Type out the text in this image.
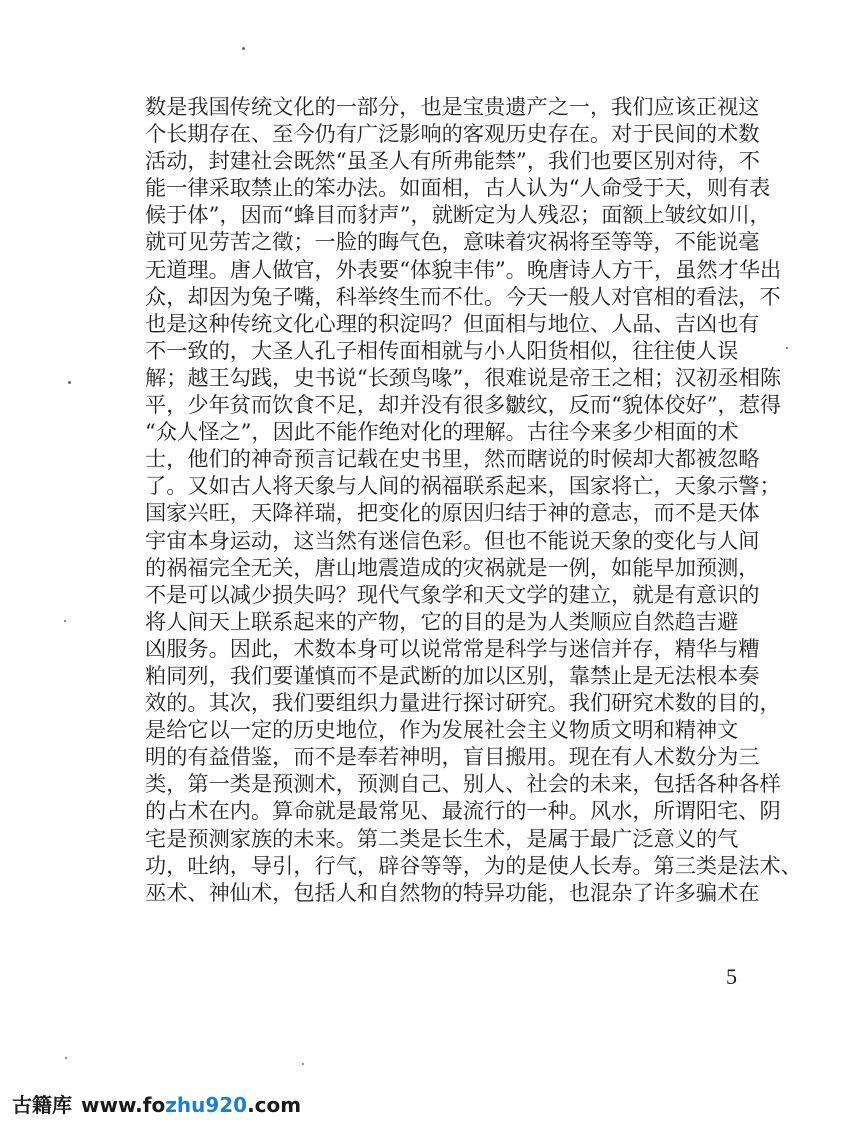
数是我国传统文化的一部分，也是宝贵遗产之一，我们应该正视这
个长期存在、至今仍有广泛影响的客观历史存在。对于民间的术数
活动，封建社会既然“虽圣人有所弗能禁”，我们也要区别对待，不
能一律采取禁止的笨办法。如面相，古人认为“人命受于天，则有表
候于体”，因而“蜂目而豺声”，就断定为人残忍；面额上皱纹如川，
就可见劳苦之徵；一脸的晦气色，意味着灾祸将至等等，不能说毫
无道理。唐人做官，外表要“体貌丰伟”。晚唐诗人方干，虽然才华出
众，却因为兔子嘴，科举终生而不仕。今天一般人对官相的看法，不
也是这种传统文化心理的积淀吗？但面相与地位、人品、吉凶也有
不一致的，大圣人孔子相传面相就与小人阳货相似，往往使人误
解；越王勾践，史书说“长颈鸟喙”，很难说是帝王之相；汉初丞相陈
平，少年贫而饮食不足，却并没有很多皺纹，反而“貌体佼好”，惹得
“众人怪之”，因此不能作绝对化的理解。古往今来多少相面的术
士，他们的神奇预言记载在史书里，然而瞎说的时候却大都被忽略
了。又如古人将天象与人间的祸福联系起来，国家将亡，天象示警；
国家兴旺，天降祥瑞，把变化的原因归结于神的意志，而不是天体
宇宙本身运动，这当然有迷信色彩。但也不能说天象的变化与人间
的祸福完全无关，唐山地震造成的灾祸就是一例，如能早加预测，
不是可以减少损失吗？现代气象学和天文学的建立，就是有意识的
将人间天上联系起来的产物，它的目的是为人类顺应自然趋吉避
凶服务。因此，术数本身可以说常常是科学与迷信并存，精华与糟
粕同列，我们要谨慎而不是武断的加以区别，靠禁止是无法根本奏
效的。其次，我们要组织力量进行探讨研究。我们研究术数的目的，
是给它以一定的历史地位，作为发展社会主义物质文明和精神文
明的有益借鉴，而不是奉若神明，盲目搬用。现在有人术数分为三
类，第一类是预测术，预测自己、别人、社会的未来，包括各种各样
的占术在内。算命就是最常见、最流行的一种。风水，所谓阳宅、阴
宅是预测家族的未来。第二类是长生术，是属于最广泛意义的气
功，吐纳，导引，行气，辟谷等等，为的是使人长寿。第三类是法术、
巫术、神仙术，包括人和自然物的特异功能，也混杂了许多骗术在
5
古籍库 www.fozhu920.com
